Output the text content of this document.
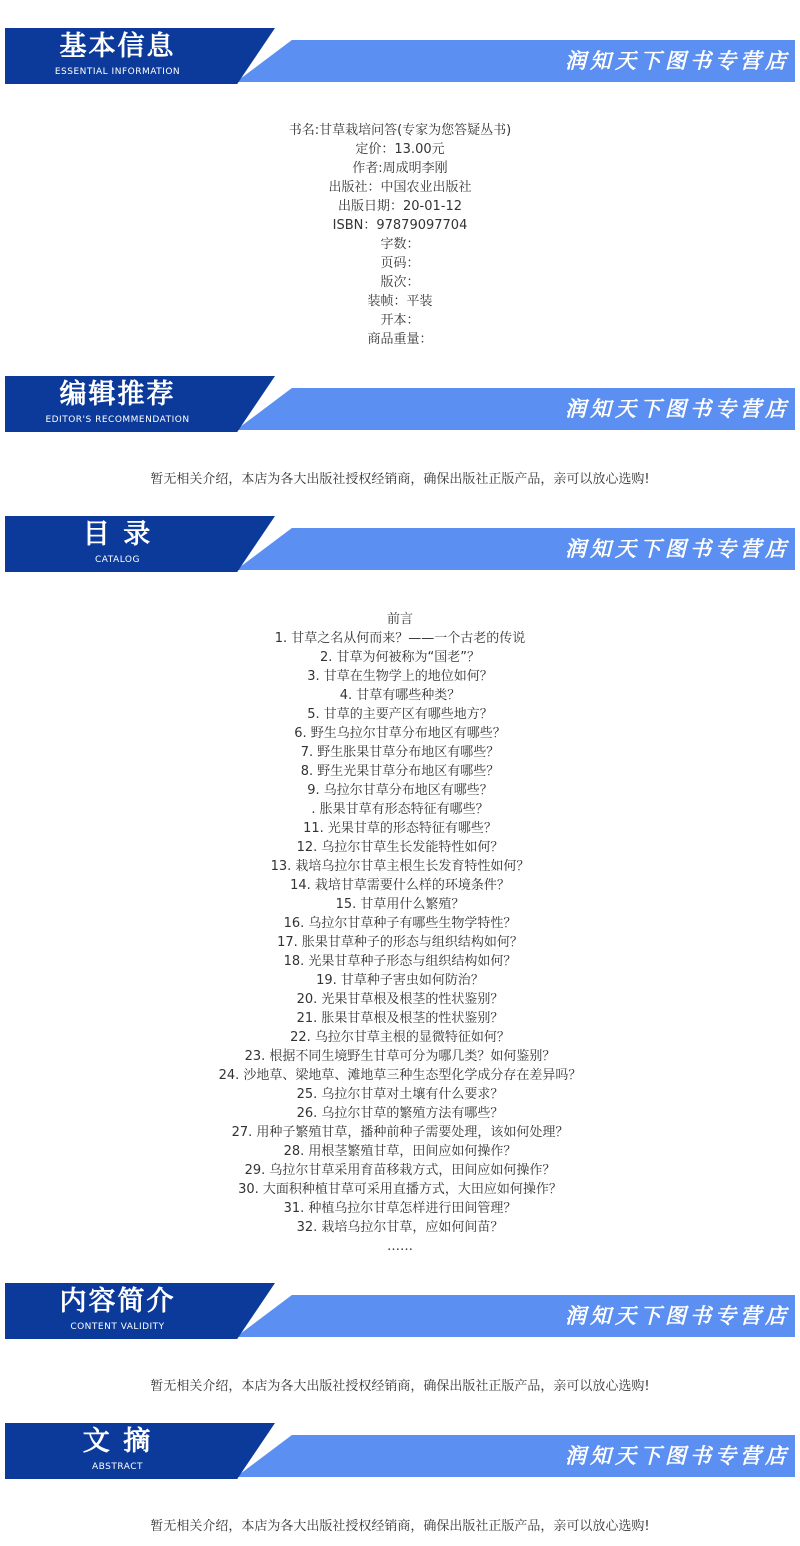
基本信息
ESSENTIAL INFORMATION	润知天下图书专营店
书名:甘草栽培问答(专家为您答疑丛书)
定价：13.00元
作者:周成明李刚
出版社：中国农业出版社
出版日期：20-01-12
ISBN：97879097704
字数：
页码：
版次：
装帧：平装
开本：
商品重量：
编辑推荐
EDITOR'S RECOMMENDATION	润知天下图书专营店
暂无相关介绍，本店为各大出版社授权经销商，确保出版社正版产品，亲可以放心选购!
目 录
CATALOG	润知天下图书专营店
前言
1. 甘草之名从何而来？——一个古老的传说
2. 甘草为何被称为“国老”？
3. 甘草在生物学上的地位如何？
4. 甘草有哪些种类？
5. 甘草的主要产区有哪些地方？
6. 野生乌拉尔甘草分布地区有哪些？
7. 野生胀果甘草分布地区有哪些？
8. 野生光果甘草分布地区有哪些？
9. 乌拉尔甘草分布地区有哪些？
. 胀果甘草有形态特征有哪些？
11. 光果甘草的形态特征有哪些？
12. 乌拉尔甘草生长发能特性如何？
13. 栽培乌拉尔甘草主根生长发育特性如何？
14. 栽培甘草需要什么样的环境条件？
15. 甘草用什么繁殖？
16. 乌拉尔甘草种子有哪些生物学特性？
17. 胀果甘草种子的形态与组织结构如何？
18. 光果甘草种子形态与组织结构如何？
19. 甘草种子害虫如何防治？
20. 光果甘草根及根茎的性状鉴别？
21. 胀果甘草根及根茎的性状鉴别？
22. 乌拉尔甘草主根的显微特征如何？
23. 根据不同生境野生甘草可分为哪几类？如何鉴别？
24. 沙地草、梁地草、滩地草三种生态型化学成分存在差异吗？
25. 乌拉尔甘草对土壤有什么要求？
26. 乌拉尔甘草的繁殖方法有哪些？
27. 用种子繁殖甘草，播种前种子需要处理，该如何处理？
28. 用根茎繁殖甘草，田间应如何操作？
29. 乌拉尔甘草采用育苗移栽方式，田间应如何操作？
30. 大面积种植甘草可采用直播方式，大田应如何操作？
31. 种植乌拉尔甘草怎样进行田间管理？
32. 栽培乌拉尔甘草，应如何间苗？
……
内容简介
CONTENT VALIDITY	润知天下图书专营店
暂无相关介绍，本店为各大出版社授权经销商，确保出版社正版产品，亲可以放心选购!
文 摘
ABSTRACT	润知天下图书专营店
暂无相关介绍，本店为各大出版社授权经销商，确保出版社正版产品，亲可以放心选购!
